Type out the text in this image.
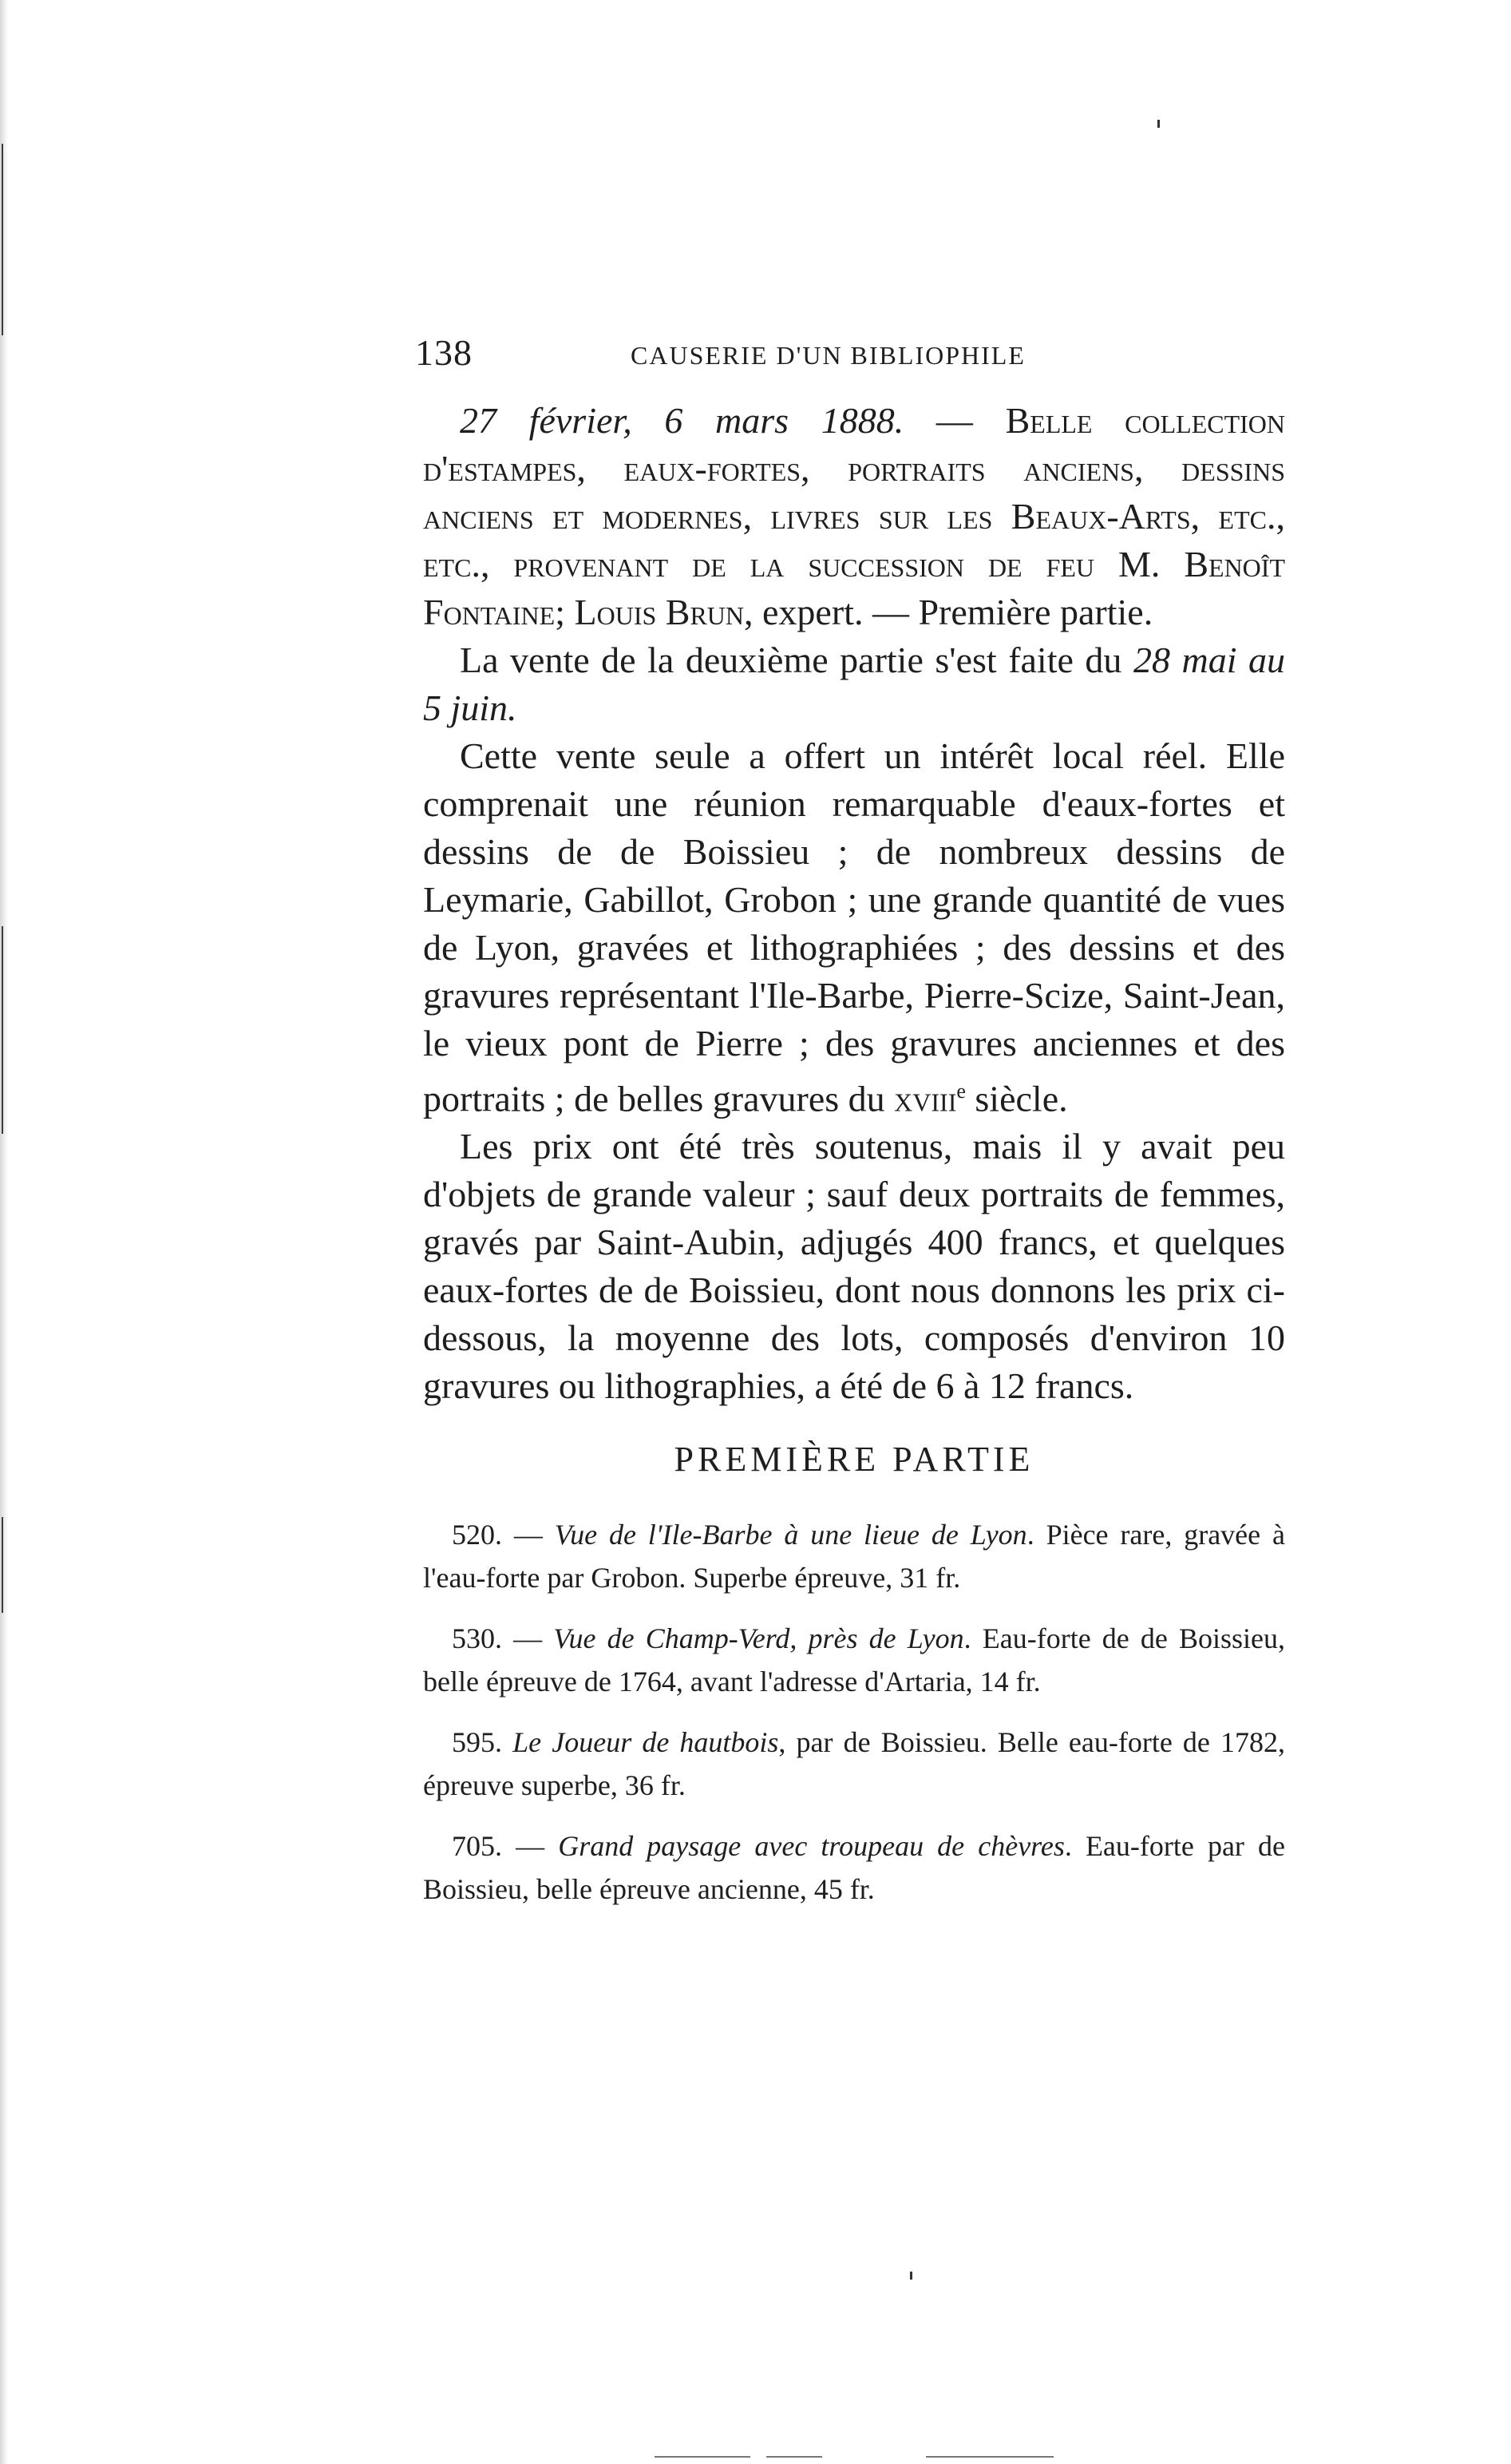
138	CAUSERIE D'UN BIBLIOPHILE

27 février, 6 mars 1888. — Belle collection d'estampes, eaux-fortes, portraits anciens, dessins anciens et modernes, livres sur les Beaux-Arts, etc., etc., provenant de la succession de feu M. Benoît Fontaine; Louis Brun, expert. — Première partie.

La vente de la deuxième partie s'est faite du 28 mai au 5 juin.

Cette vente seule a offert un intérêt local réel. Elle comprenait une réunion remarquable d'eaux-fortes et dessins de de Boissieu ; de nombreux dessins de Leymarie, Gabillot, Grobon ; une grande quantité de vues de Lyon, gravées et lithographiées ; des dessins et des gravures représentant l'Ile-Barbe, Pierre-Scize, Saint-Jean, le vieux pont de Pierre ; des gravures anciennes et des portraits ; de belles gravures du xviii$^e$ siècle.

Les prix ont été très soutenus, mais il y avait peu d'objets de grande valeur ; sauf deux portraits de femmes, gravés par Saint-Aubin, adjugés 400 francs, et quelques eaux-fortes de de Boissieu, dont nous donnons les prix ci-dessous, la moyenne des lots, composés d'environ 10 gravures ou lithographies, a été de 6 à 12 francs.

PREMIÈRE PARTIE

520. — Vue de l'Ile-Barbe à une lieue de Lyon. Pièce rare, gravée à l'eau-forte par Grobon. Superbe épreuve, 31 fr.

530. — Vue de Champ-Verd, près de Lyon. Eau-forte de de Boissieu, belle épreuve de 1764, avant l'adresse d'Artaria, 14 fr.

595. Le Joueur de hautbois, par de Boissieu. Belle eau-forte de 1782, épreuve superbe, 36 fr.

705. — Grand paysage avec troupeau de chèvres. Eau-forte par de Boissieu, belle épreuve ancienne, 45 fr.
